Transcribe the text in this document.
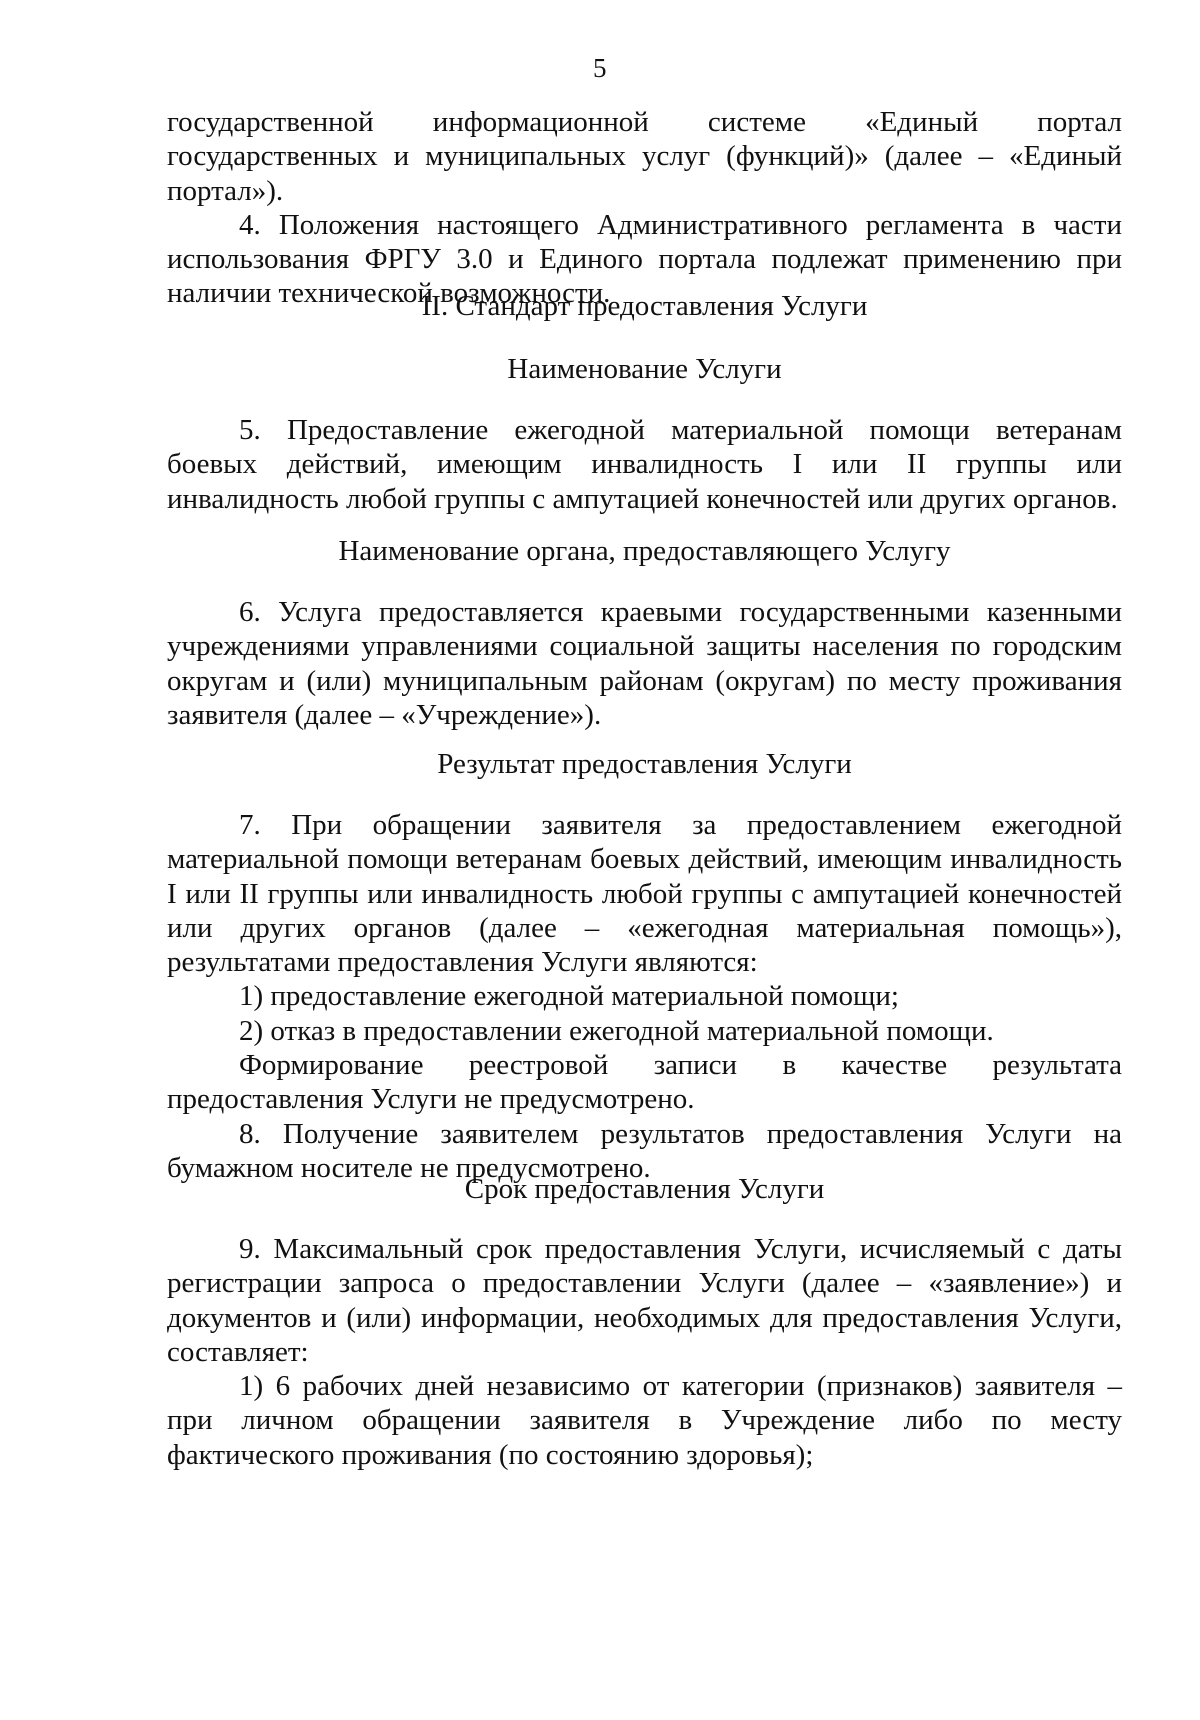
5

государственной информационной системе «Единый портал государственных и муниципальных услуг (функций)» (далее – «Единый портал»).

4. Положения настоящего Административного регламента в части использования ФРГУ 3.0 и Единого портала подлежат применению при наличии технической возможности.

II. Стандарт предоставления Услуги
Наименование Услуги

5. Предоставление ежегодной материальной помощи ветеранам боевых действий, имеющим инвалидность I или II группы или инвалидность любой группы с ампутацией конечностей или других органов.

Наименование органа, предоставляющего Услугу

6. Услуга предоставляется краевыми государственными казенными учреждениями управлениями социальной защиты населения по городским округам и (или) муниципальным районам (округам) по месту проживания заявителя (далее – «Учреждение»).

Результат предоставления Услуги

7. При обращении заявителя за предоставлением ежегодной материальной помощи ветеранам боевых действий, имеющим инвалидность I или II группы или инвалидность любой группы с ампутацией конечностей или других органов (далее – «ежегодная материальная помощь»), результатами предоставления Услуги являются:

1) предоставление ежегодной материальной помощи;

2) отказ в предоставлении ежегодной материальной помощи.

Формирование реестровой записи в качестве результата предоставления Услуги не предусмотрено.

8. Получение заявителем результатов предоставления Услуги на бумажном носителе не предусмотрено.

Срок предоставления Услуги

9. Максимальный срок предоставления Услуги, исчисляемый с даты регистрации запроса о предоставлении Услуги (далее – «заявление») и документов и (или) информации, необходимых для предоставления Услуги, составляет:

1) 6 рабочих дней независимо от категории (признаков) заявителя – при личном обращении заявителя в Учреждение либо по месту фактического проживания (по состоянию здоровья);
